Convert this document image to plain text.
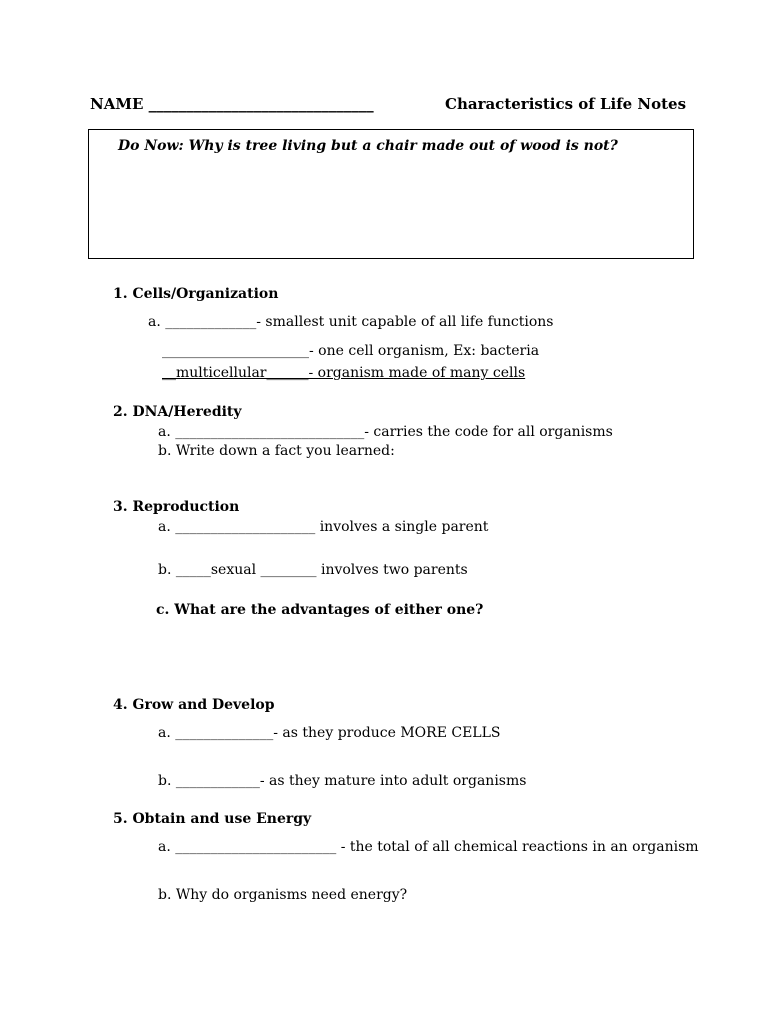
NAME ______________________________	Characteristics of Life Notes
Do Now: Why is tree living but a chair made out of wood is not?
1. Cells/Organization
a. _____________- smallest unit capable of all life functions
_____________________- one cell organism, Ex: bacteria
__multicellular______- organism made of many cells
2. DNA/Heredity
a. ___________________________- carries the code for all organisms
b. Write down a fact you learned:
3. Reproduction
a. ____________________ involves a single parent
b. _____sexual ________ involves two parents
c. What are the advantages of either one?
4. Grow and Develop
a. ______________- as they produce MORE CELLS
b. ____________- as they mature into adult organisms
5. Obtain and use Energy
a. _______________________ - the total of all chemical reactions in an organism
b. Why do organisms need energy?
